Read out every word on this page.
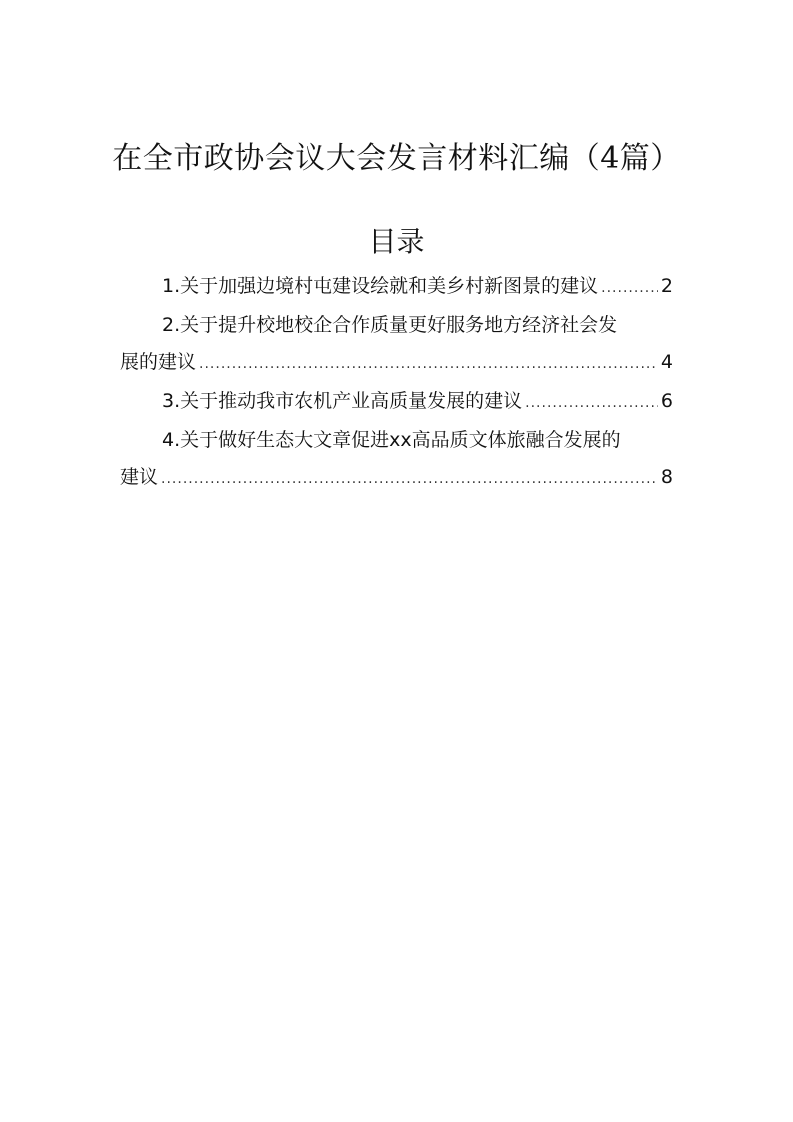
在全市政协会议大会发言材料汇编（4篇）
目录
1. 关于加强边境村屯建设绘就和美乡村新图景的建议 .....	2
2. 关于提升校地校企合作质量更好服务地方经济社会发
展的建议 .....	4
3. 关于推动我市农机产业高质量发展的建议 .....	6
4. 关于做好生态大文章促进xx高品质文体旅融合发展的
建议 .....	8
